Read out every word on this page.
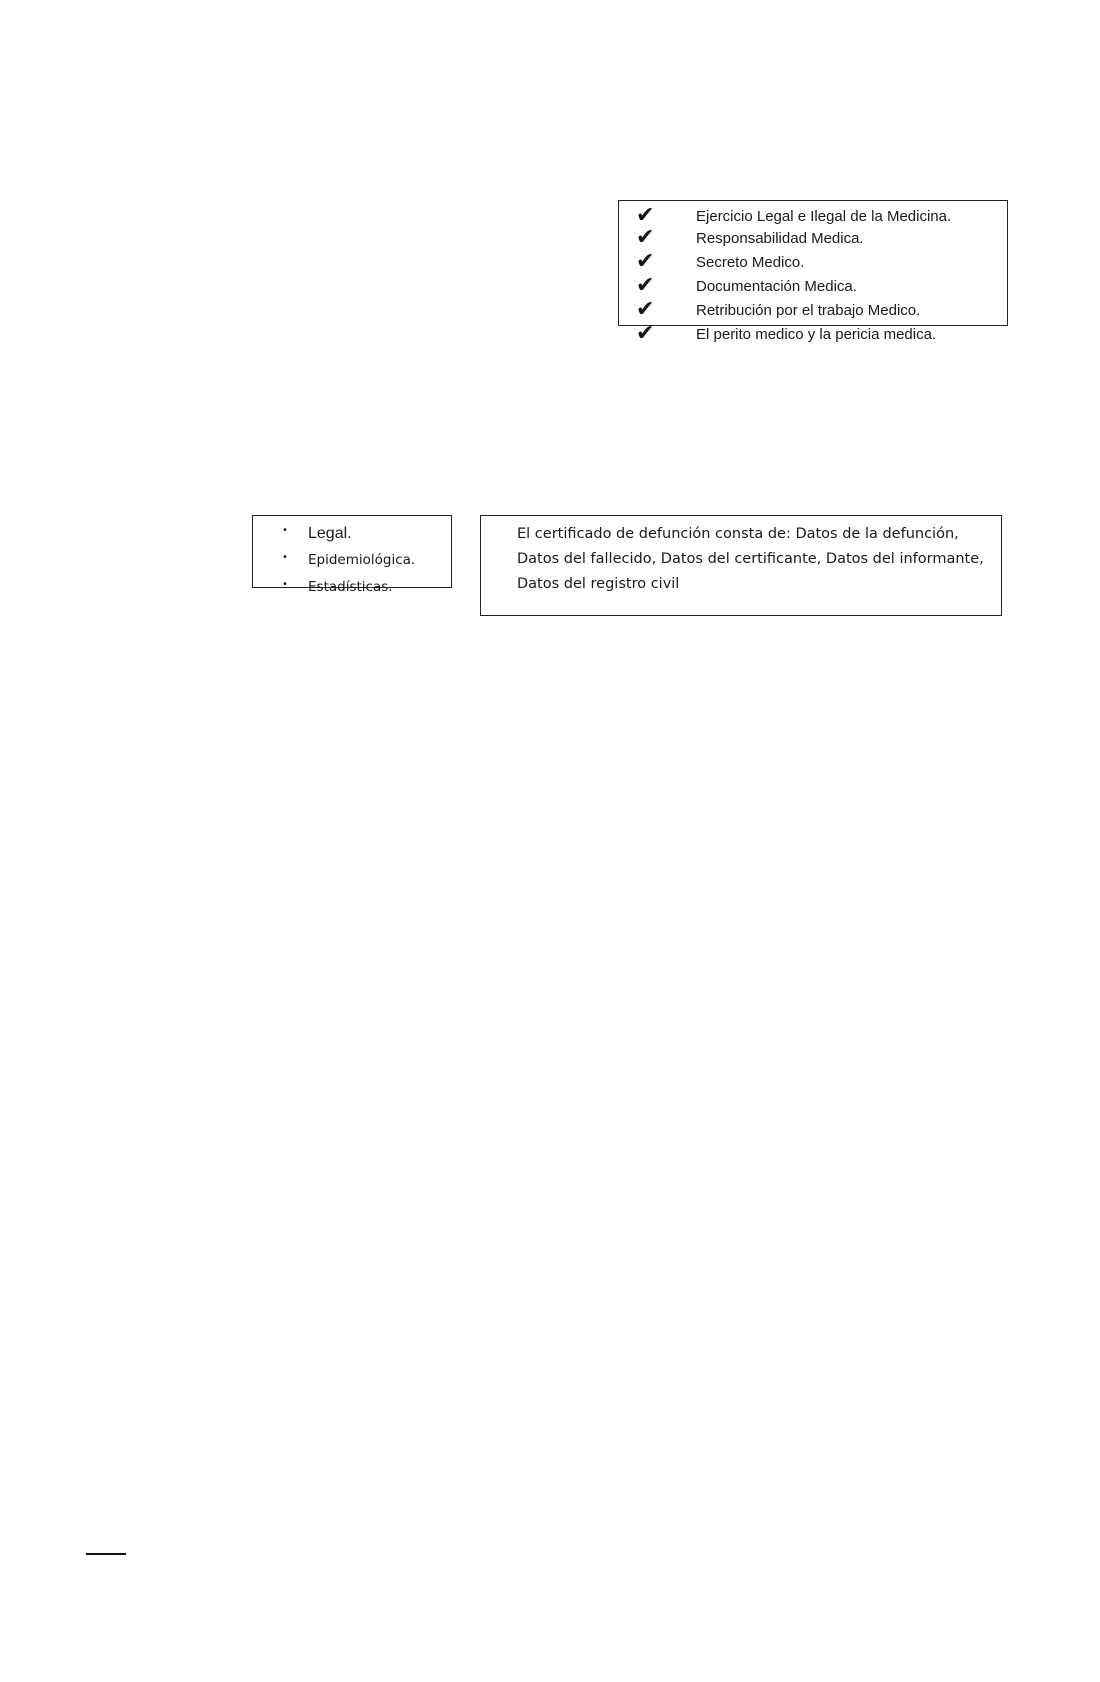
✔	Ejercicio Legal e Ilegal de la Medicina.
✔	Responsabilidad Medica.
✔	Secreto Medico.
✔	Documentación Medica.
✔	Retribución por el trabajo Medico.
✔	El perito medico y la pericia medica.
• Legal.
• Epidemiológica.
• Estadísticas.

El certificado de defunción consta de: Datos de la defunción, Datos del fallecido, Datos del certificante, Datos del informante, Datos del registro civil
